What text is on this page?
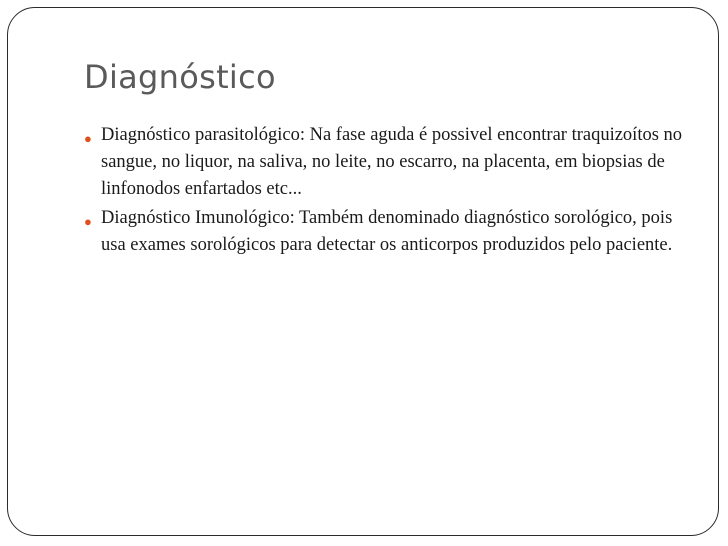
Diagnóstico
● Diagnóstico parasitológico: Na fase aguda é possivel encontrar traquizoítos no sangue, no liquor, na saliva, no leite, no escarro, na placenta, em biopsias de linfonodos enfartados etc...
● Diagnóstico Imunológico: Também denominado diagnóstico sorológico, pois usa exames sorológicos para detectar os anticorpos produzidos pelo paciente.
